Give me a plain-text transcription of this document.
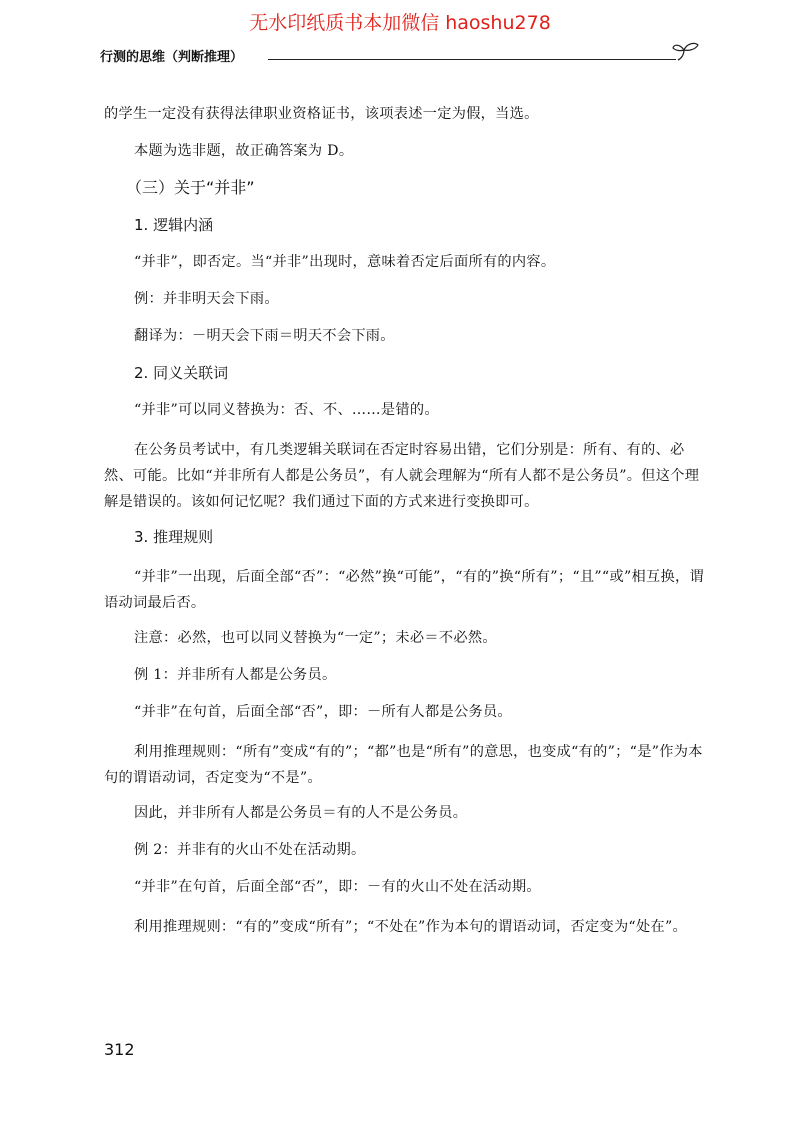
无水印纸质书本加微信 haoshu278
行测的思维（判断推理）

的学生一定没有获得法律职业资格证书，该项表述一定为假，当选。

本题为选非题，故正确答案为 D。

（三）关于“并非”
1. 逻辑内涵

“并非”，即否定。当“并非”出现时，意味着否定后面所有的内容。

例：并非明天会下雨。

翻译为：－明天会下雨＝明天不会下雨。

2. 同义关联词

“并非”可以同义替换为：否、不、……是错的。

在公务员考试中，有几类逻辑关联词在否定时容易出错，它们分别是：所有、有的、必然、可能。比如“并非所有人都是公务员”，有人就会理解为“所有人都不是公务员”。但这个理解是错误的。该如何记忆呢？我们通过下面的方式来进行变换即可。

3. 推理规则

“并非”一出现，后面全部“否”：“必然”换“可能”，“有的”换“所有”；“且”“或”相互换，谓语动词最后否。

注意：必然，也可以同义替换为“一定”；未必＝不必然。

例 1：并非所有人都是公务员。

“并非”在句首，后面全部“否”，即：－所有人都是公务员。

利用推理规则：“所有”变成“有的”；“都”也是“所有”的意思，也变成“有的”；“是”作为本句的谓语动词，否定变为“不是”。

因此，并非所有人都是公务员＝有的人不是公务员。

例 2：并非有的火山不处在活动期。

“并非”在句首，后面全部“否”，即：－有的火山不处在活动期。

利用推理规则：“有的”变成“所有”；“不处在”作为本句的谓语动词，否定变为“处在”。

312
